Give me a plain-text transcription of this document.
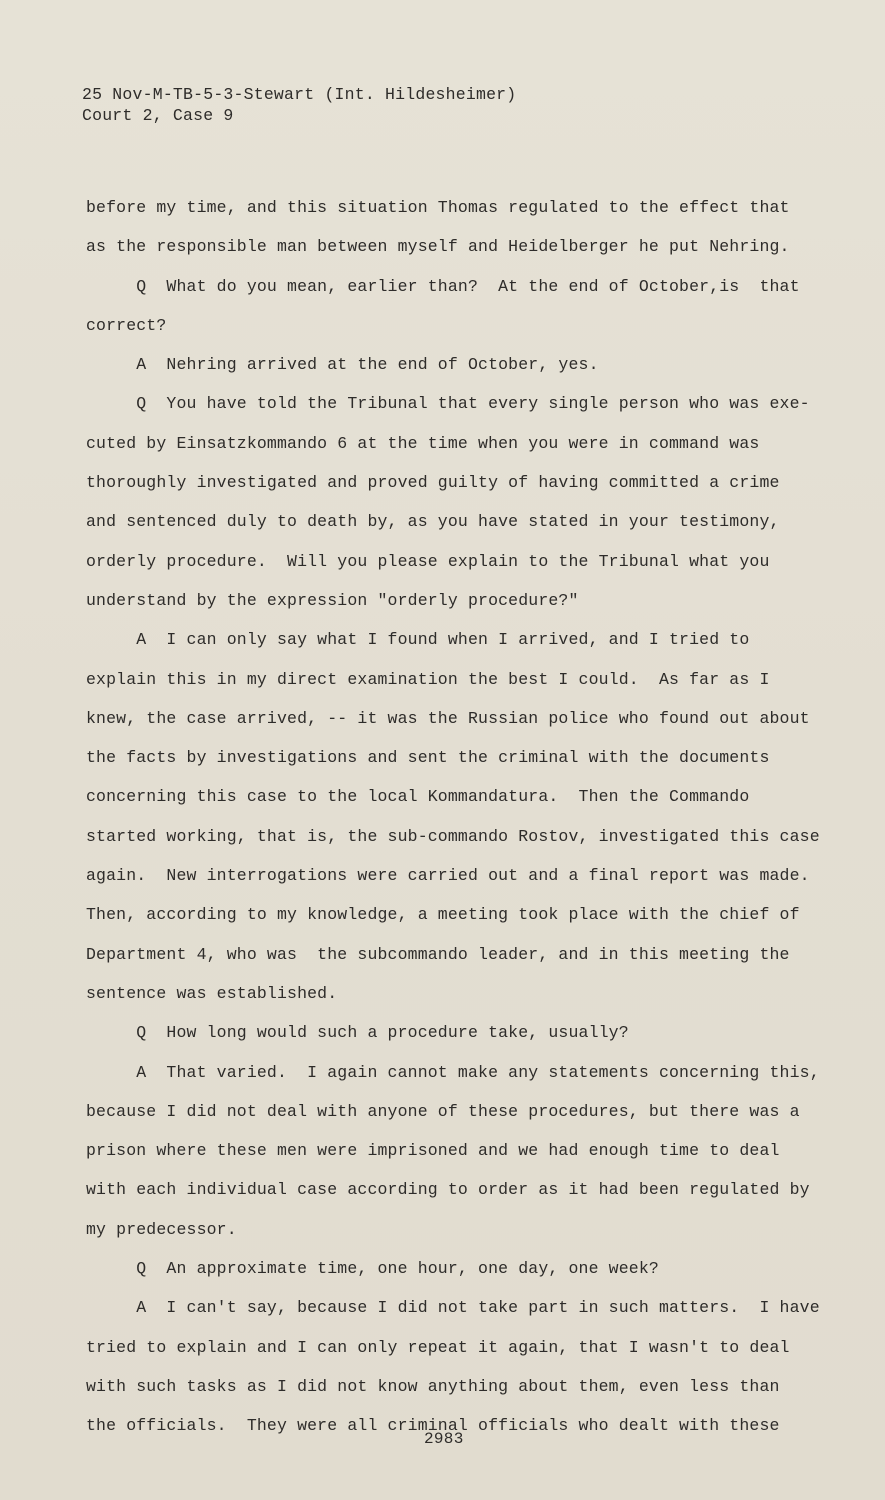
25 Nov-M-TB-5-3-Stewart (Int. Hildesheimer)
Court 2, Case 9
before my time, and this situation Thomas regulated to the effect that
as the responsible man between myself and Heidelberger he put Nehring.
Q  What do you mean, earlier than?  At the end of October,is  that
correct?
A  Nehring arrived at the end of October, yes.
Q  You have told the Tribunal that every single person who was exe-
cuted by Einsatzkommando 6 at the time when you were in command was
thoroughly investigated and proved guilty of having committed a crime
and sentenced duly to death by, as you have stated in your testimony,
orderly procedure.  Will you please explain to the Tribunal what you
understand by the expression "orderly procedure?"
A  I can only say what I found when I arrived, and I tried to
explain this in my direct examination the best I could.  As far as I
knew, the case arrived, -- it was the Russian police who found out about
the facts by investigations and sent the criminal with the documents
concerning this case to the local Kommandatura.  Then the Commando
started working, that is, the sub-commando Rostov, investigated this case
again.  New interrogations were carried out and a final report was made.
Then, according to my knowledge, a meeting took place with the chief of
Department 4, who was  the subcommando leader, and in this meeting the
sentence was established.
Q  How long would such a procedure take, usually?
A  That varied.  I again cannot make any statements concerning this,
because I did not deal with anyone of these procedures, but there was a
prison where these men were imprisoned and we had enough time to deal
with each individual case according to order as it had been regulated by
my predecessor.
Q  An approximate time, one hour, one day, one week?
A  I can't say, because I did not take part in such matters.  I have
tried to explain and I can only repeat it again, that I wasn't to deal
with such tasks as I did not know anything about them, even less than
the officials.  They were all criminal officials who dealt with these
2983
